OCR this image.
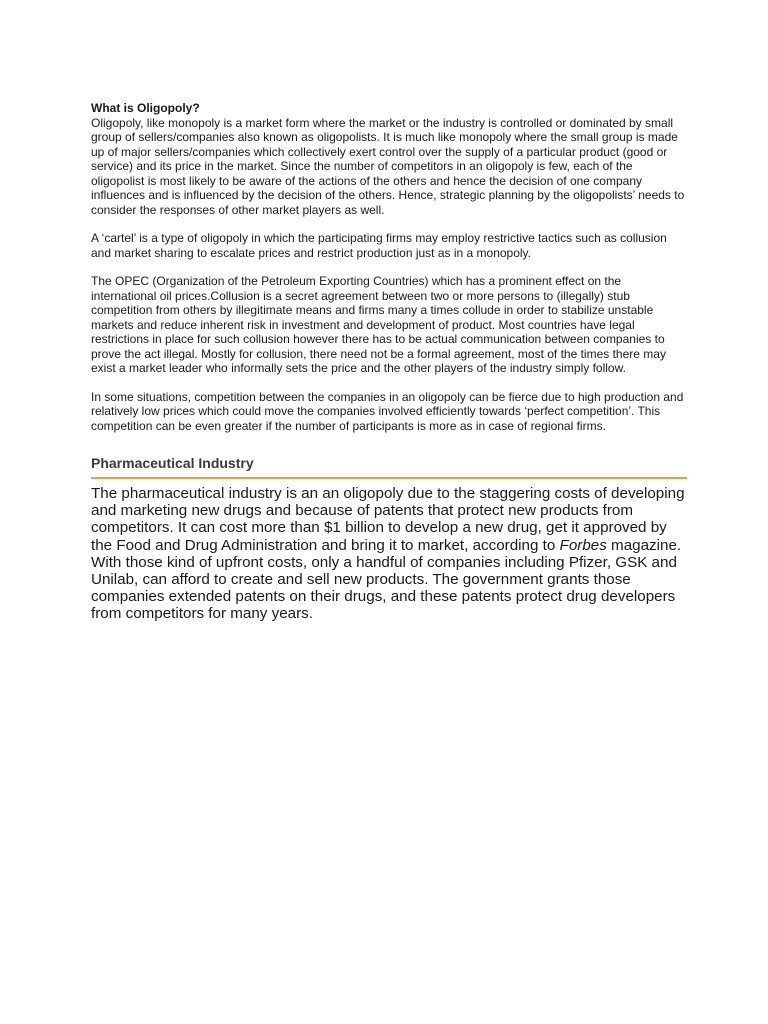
What is Oligopoly?

Oligopoly, like monopoly is a market form where the market or the industry is controlled or dominated by small group of sellers/companies also known as oligopolists. It is much like monopoly where the small group is made up of major sellers/companies which collectively exert control over the supply of a particular product (good or service) and its price in the market. Since the number of competitors in an oligopoly is few, each of the oligopolist is most likely to be aware of the actions of the others and hence the decision of one company influences and is influenced by the decision of the others. Hence, strategic planning by the oligopolists’ needs to consider the responses of other market players as well.

A ‘cartel’ is a type of oligopoly in which the participating firms may employ restrictive tactics such as collusion and market sharing to escalate prices and restrict production just as in a monopoly.

The OPEC (Organization of the Petroleum Exporting Countries) which has a prominent effect on the international oil prices.Collusion is a secret agreement between two or more persons to (illegally) stub competition from others by illegitimate means and firms many a times collude in order to stabilize unstable markets and reduce inherent risk in investment and development of product. Most countries have legal restrictions in place for such collusion however there has to be actual communication between companies to prove the act illegal. Mostly for collusion, there need not be a formal agreement, most of the times there may exist a market leader who informally sets the price and the other players of the industry simply follow.

In some situations, competition between the companies in an oligopoly can be fierce due to high production and relatively low prices which could move the companies involved efficiently towards ‘perfect competition’. This competition can be even greater if the number of participants is more as in case of regional firms.

Pharmaceutical Industry

The pharmaceutical industry is an an oligopoly due to the staggering costs of developing and marketing new drugs and because of patents that protect new products from competitors. It can cost more than $1 billion to develop a new drug, get it approved by the Food and Drug Administration and bring it to market, according to Forbes magazine. With those kind of upfront costs, only a handful of companies including Pfizer, GSK and Unilab, can afford to create and sell new products. The government grants those companies extended patents on their drugs, and these patents protect drug developers from competitors for many years.
